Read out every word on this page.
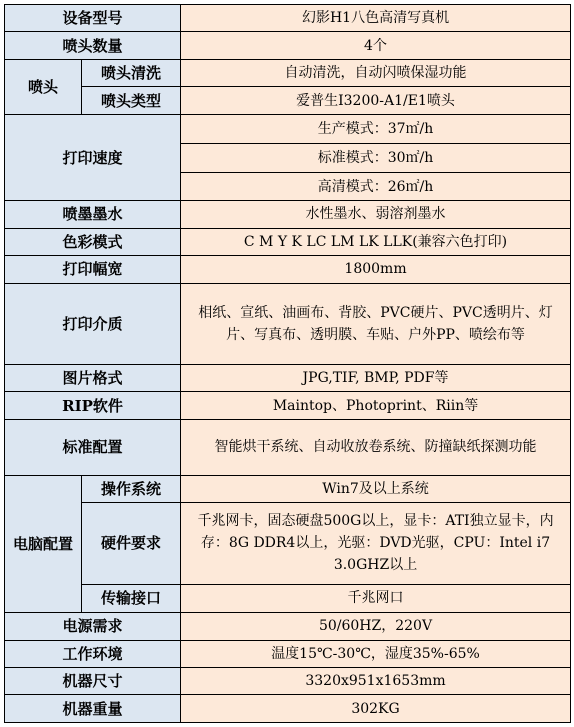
设备型号		幻影H1八色高清写真机
喷头数量		4个
喷头	喷头清洗	自动清洗，自动闪喷保湿功能
	喷头类型	爱普生I3200-A1/E1喷头
打印速度		生产模式：37㎡/h
		标准模式：30㎡/h
		高清模式：26㎡/h
喷墨墨水		水性墨水、弱溶剂墨水
色彩模式		C M Y K LC LM LK LLK(兼容六色打印)
打印幅宽		1800mm
打印介质		相纸、宣纸、油画布、背胶、PVC硬片、PVC透明片、灯片、写真布、透明膜、车贴、户外PP、喷绘布等
图片格式		JPG,TIF, BMP, PDF等
RIP软件		Maintop、Photoprint、Riin等
标准配置		智能烘干系统、自动收放卷系统、防撞缺纸探测功能
电脑配置	操作系统	Win7及以上系统
	硬件要求	千兆网卡，固态硬盘500G以上，显卡：ATI独立显卡，内存：8G DDR4以上，光驱：DVD光驱，CPU：Intel i7 3.0GHZ以上
	传输接口	千兆网口
电源需求		50/60HZ，220V
工作环境		温度15℃-30℃，湿度35%-65%
机器尺寸		3320x951x1653mm
机器重量		302KG
